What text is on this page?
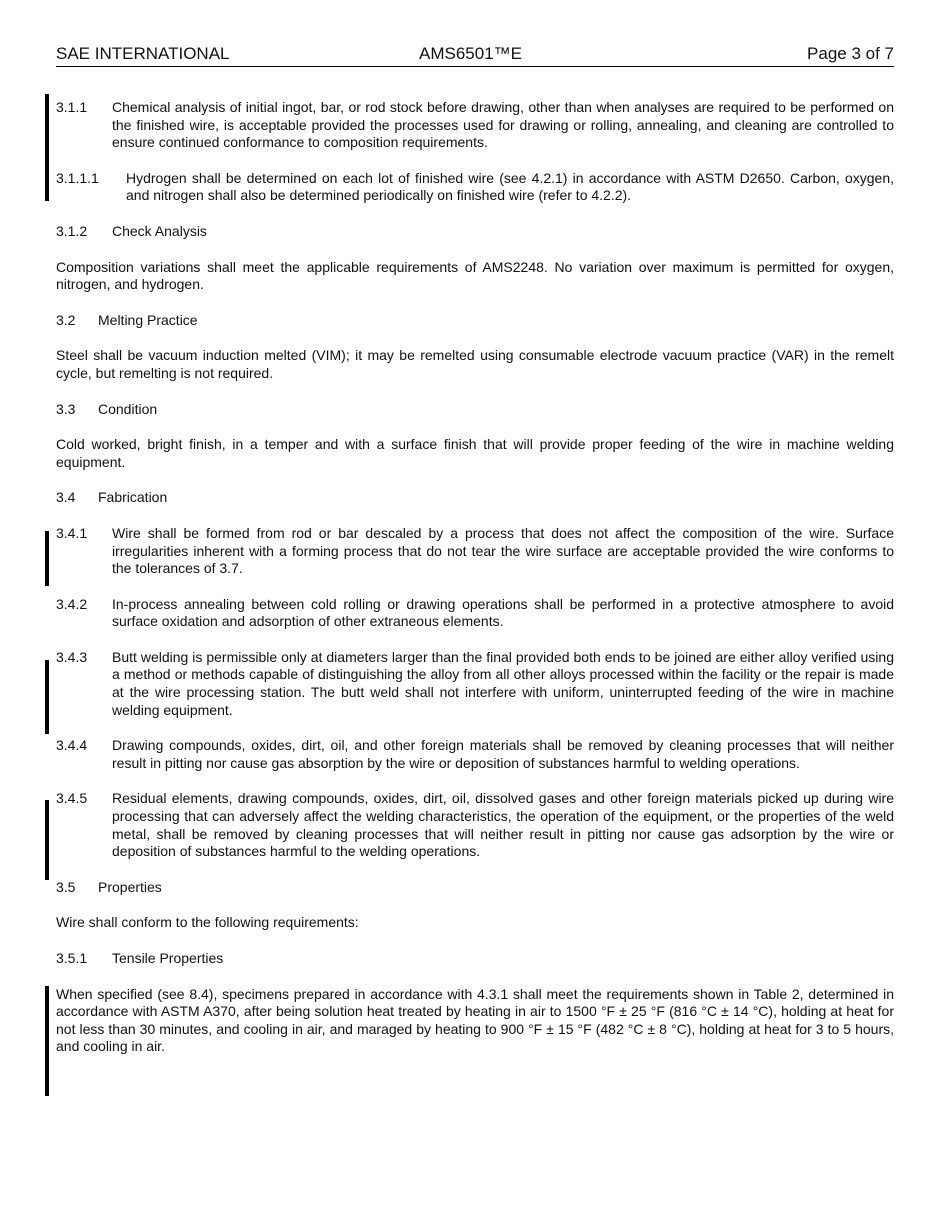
SAE INTERNATIONAL	AMS6501™E	Page 3 of 7
3.1.1	Chemical analysis of initial ingot, bar, or rod stock before drawing, other than when analyses are required to be performed on the finished wire, is acceptable provided the processes used for drawing or rolling, annealing, and cleaning are controlled to ensure continued conformance to composition requirements.
3.1.1.1	Hydrogen shall be determined on each lot of finished wire (see 4.2.1) in accordance with ASTM D2650. Carbon, oxygen, and nitrogen shall also be determined periodically on finished wire (refer to 4.2.2).
3.1.2	Check Analysis

Composition variations shall meet the applicable requirements of AMS2248. No variation over maximum is permitted for oxygen, nitrogen, and hydrogen.

3.2	Melting Practice

Steel shall be vacuum induction melted (VIM); it may be remelted using consumable electrode vacuum practice (VAR) in the remelt cycle, but remelting is not required.

3.3	Condition

Cold worked, bright finish, in a temper and with a surface finish that will provide proper feeding of the wire in machine welding equipment.

3.4	Fabrication
3.4.1	Wire shall be formed from rod or bar descaled by a process that does not affect the composition of the wire. Surface irregularities inherent with a forming process that do not tear the wire surface are acceptable provided the wire conforms to the tolerances of 3.7.
3.4.2	In-process annealing between cold rolling or drawing operations shall be performed in a protective atmosphere to avoid surface oxidation and adsorption of other extraneous elements.
3.4.3	Butt welding is permissible only at diameters larger than the final provided both ends to be joined are either alloy verified using a method or methods capable of distinguishing the alloy from all other alloys processed within the facility or the repair is made at the wire processing station. The butt weld shall not interfere with uniform, uninterrupted feeding of the wire in machine welding equipment.
3.4.4	Drawing compounds, oxides, dirt, oil, and other foreign materials shall be removed by cleaning processes that will neither result in pitting nor cause gas absorption by the wire or deposition of substances harmful to welding operations.
3.4.5	Residual elements, drawing compounds, oxides, dirt, oil, dissolved gases and other foreign materials picked up during wire processing that can adversely affect the welding characteristics, the operation of the equipment, or the properties of the weld metal, shall be removed by cleaning processes that will neither result in pitting nor cause gas adsorption by the wire or deposition of substances harmful to the welding operations.
3.5	Properties

Wire shall conform to the following requirements:

3.5.1	Tensile Properties

When specified (see 8.4), specimens prepared in accordance with 4.3.1 shall meet the requirements shown in Table 2, determined in accordance with ASTM A370, after being solution heat treated by heating in air to 1500 °F ± 25 °F (816 °C ± 14 °C), holding at heat for not less than 30 minutes, and cooling in air, and maraged by heating to 900 °F ± 15 °F (482 °C ± 8 °C), holding at heat for 3 to 5 hours, and cooling in air.
